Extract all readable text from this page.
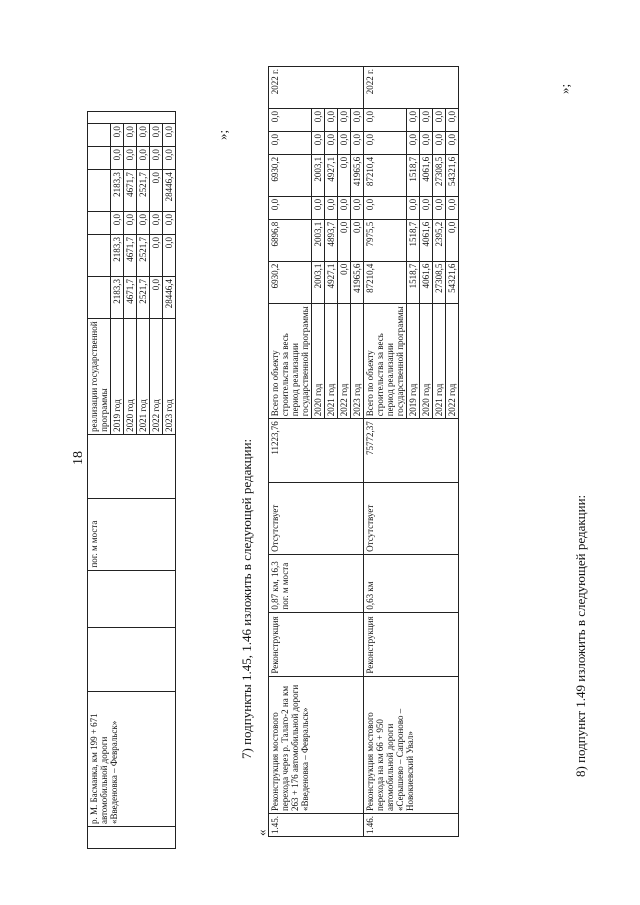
18
	р. М. Басманка, км 199 + 671 автомобильной дороги «Введеновка – Февральск»			пог. м моста		реализации государственной программы							
						2019 год	2183,3	2183,3	0,0	2183,3	0,0	0,0	
						2020 год	4671,7	4671,7	0,0	4671,7	0,0	0,0	
						2021 год	2521,7	2521,7	0,0	2521,7	0,0	0,0	
						2022 год	0,0	0,0	0,0	0,0	0,0	0,0	
						2023 год	28446,4	0,0	0,0	28446,4	0,0	0,0		»;
7) подпункты 1.45, 1.46 изложить в следующей редакции:
« 1.45.	Реконструкция мостового перехода через р. Талаго-2 на км 263 + 176 автомобильной дороги «Введеновка – Февральск»	Реконструкция	0,87 км, 16,3 пог. м моста	Отсутствует	11223,76	Всего по объекту строительства за весь период реализации государственной программы	6930,2	6896,8	0,0	6930,2	0,0	0,0	2022 г.
						2020 год	2003,1	2003,1	0,0	2003,1	0,0	0,0	
						2021 год	4927,1	4893,7	0,0	4927,1	0,0	0,0	
						2022 год	0,0	0,0	0,0	0,0	0,0	0,0	
						2023 год	41965,6	0,0	0,0	41965,6	0,0	0,0	
1.46.	Реконструкция мостового перехода на км 66 + 950 автомобильной дороги «Серышево – Сапроново – Новокиевский Увал»	Реконструкция	0,63 км	Отсутствует	75772,37	Всего по объекту строительства за весь период реализации государственной программы	87210,4	7975,5	0,0	87210,4	0,0	0,0	2022 г.
						2019 год	1518,7	1518,7	0,0	1518,7	0,0	0,0	
						2020 год	4061,6	4061,6	0,0	4061,6	0,0	0,0	
						2021 год	27308,5	2395,2	0,0	27308,5	0,0	0,0	
						2022 год	54321,6	0,0	0,0	54321,6	0,0	0,0	
»;
8) подпункт 1.49 изложить в следующей редакции:
